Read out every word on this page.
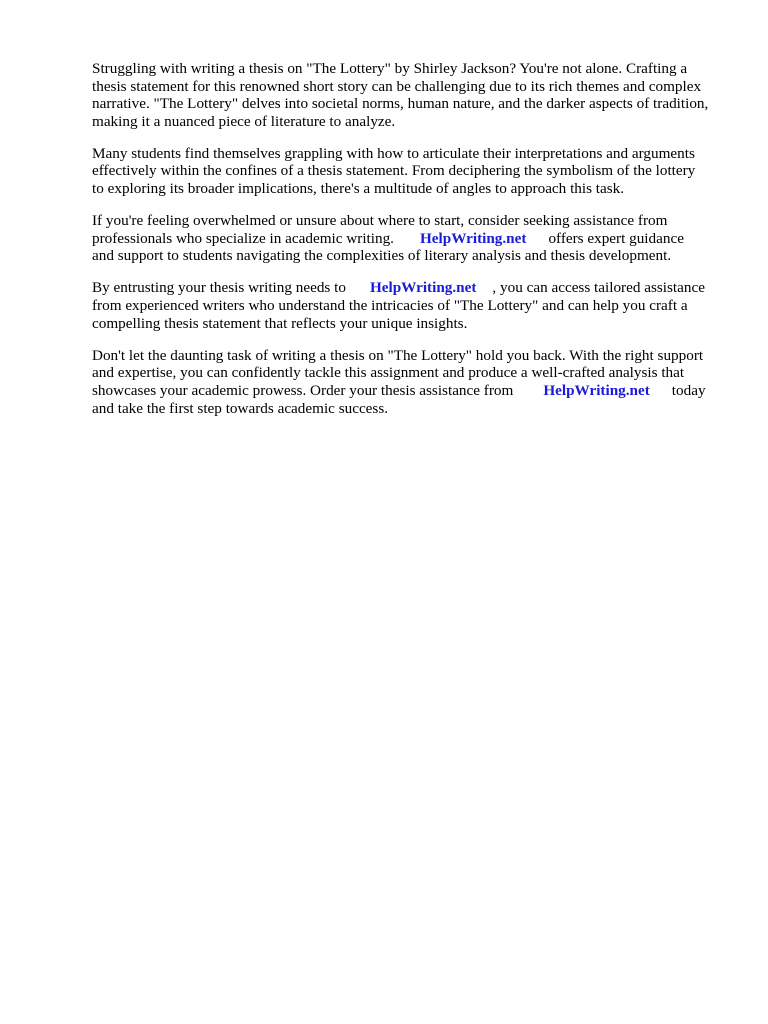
Struggling with writing a thesis on "The Lottery" by Shirley Jackson? You're not alone. Crafting a
thesis statement for this renowned short story can be challenging due to its rich themes and complex
narrative. "The Lottery" delves into societal norms, human nature, and the darker aspects of tradition,
making it a nuanced piece of literature to analyze.

Many students find themselves grappling with how to articulate their interpretations and arguments
effectively within the confines of a thesis statement. From deciphering the symbolism of the lottery
to exploring its broader implications, there's a multitude of angles to approach this task.

If you're feeling overwhelmed or unsure about where to start, consider seeking assistance from
professionals who specialize in academic writing. HelpWriting.net offers expert guidance
and support to students navigating the complexities of literary analysis and thesis development.

By entrusting your thesis writing needs to HelpWriting.net , you can access tailored assistance
from experienced writers who understand the intricacies of "The Lottery" and can help you craft a
compelling thesis statement that reflects your unique insights.

Don't let the daunting task of writing a thesis on "The Lottery" hold you back. With the right support
and expertise, you can confidently tackle this assignment and produce a well-crafted analysis that
showcases your academic prowess. Order your thesis assistance from HelpWriting.net today
and take the first step towards academic success.
